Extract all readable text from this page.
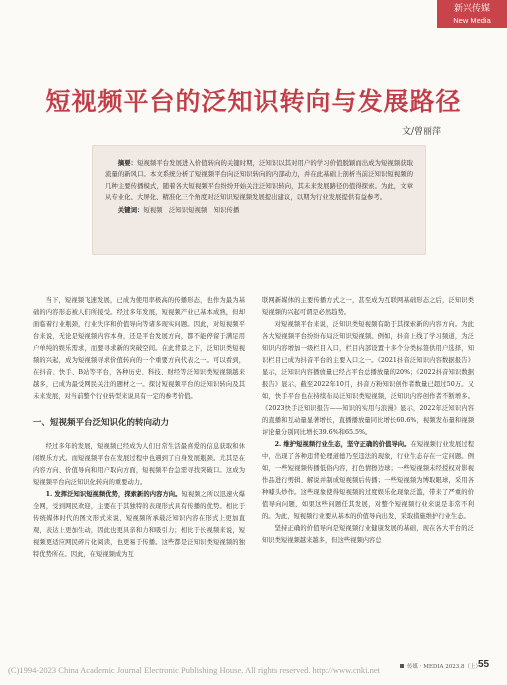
新兴传媒
New Media
短视频平台的泛知识转向与发展路径
文/曾丽萍

摘要：短视频平台发展进入价值转向的关键时期，泛知识以其对用户的学习价值脱颖而出成为短视频获取流量的新风口。本文系统分析了短视频平台向泛知识转向的内部动力，并在此基础上剖析当前泛知识短视频的几种主要传播模式，随着各大短视频平台纷纷开始关注泛知识转向，其未来发展路径仍值得探索。为此，文章从专业化、大屏化、精准化三个角度对泛知识短视频发展提出建议，以期为行业发展提供有益参考。

关键词：短视频　泛知识短视频　知识传播

当下，短视频飞速发展，已成为使用率极高的传播形态，也作为最为基础的内容形态被人们所接受。经过多年发展，短视频产业已基本成熟，但却面临着行业瓶颈，行业失序和价值导向等诸多现实问题。因此，对短视频平台来说，无论是短视频内容本身，还是平台发展方向，都不能停留于满足用户单纯的娱乐需求，而要寻求新的突破空间。在此背景之下，泛知识类短视频的兴起，成为短视频寻求价值转向的一个重要方向代表之一。可以看到，在抖音、快手、B站等平台，各种历史、科技、财经等泛知识类短视频越来越多，已成为最受网民关注的题材之一。探讨短视频平台的泛知识转向及其未来发展，对当前整个行业转型来说具有一定的参考价值。

一、短视频平台泛知识化的转向动力

经过多年的发展，短视频已经成为人们日常生活最喜爱的信息获取和休闲娱乐方式。而短视频平台在发展过程中也遇到了自身发展瓶颈。尤其是在内容方向、价值导向和用户取向方面，短视频平台急需寻找突破口。这成为短视频平台向泛知识化转向的重要动力。

1. 发挥泛知识短视频优势，探索新的内容方向。短视频之所以迅速火爆全网，受到网民欢迎，主要在于其独特的表现形式具有传播的优势。相比于传统媒体时代的图文形式来说，短视频所承载泛知识内容在形式上更加直观，表达上更加生动，因此也更具亲和力和吸引力；相比于长视频来说，短视频更适应网民碎片化阅读，也更易于传播。这些都是泛知识类短视频的独特优势所在。因此，在短视频成为互

联网新媒体的主要传播方式之一，甚至成为互联网基础形态之后，泛知识类短视频的兴起可谓是必然趋势。

对短视频平台来说，泛知识类短视频有助于其探索新的内容方向。为此各大短视频平台纷纷布局泛知识短视频。例如，抖音上线了学习频道，为泛知识内容增加一级栏目入口，栏目内部设置十多个分类标签供用户选择，知识栏目已成为抖音平台的主要入口之一。《2021抖音泛知识内容数据报告》显示，泛知识内容播放量已经占平台总播放量的20%；《2022抖音知识数据报告》显示，截至2022年10月，抖音万粉知识创作者数量已超过50万。又如，快手平台也在持续布局泛知识类短视频，泛知识内容创作者不断增多。《2023快手泛知识报告——知识的实用与浪漫》显示，2022年泛知识内容的直播和互动量显著增长，直播播放量同比增长60.6%，视频发布量和视频评论量分别同比增长39.6%和65.5%。

2. 维护短视频行业生态，坚守正确的价值导向。在短视频行业发展过程中，出现了各种违背伦理道德乃至违法的现象，行业生态存在一定问题。例如，一些短视频传播低俗内容，打色情擦边球；一些短视频未经授权对影视作品进行剪辑、解说并制成短视频后传播；一些短视频为博取眼球，采用各种噱头炒作。这些现象使得短视频的过度娱乐化现象泛滥，带来了严重的价值导向问题，如果这些问题任其发展，对整个短视频行业来说是非常不利的。为此，短视频行业要从基本的价值导向出发，采取措施维护行业生态。

坚持正确的价值导向是短视频行业健康发展的基础，现在各大平台的泛知识类短视频越来越多，但这些视频内容总

(C)1994-2023 China Academic Journal Electronic Publishing House. All rights reserved. http://www.cnki.net	传媒 · MEDIA 2023.8（上）
55
